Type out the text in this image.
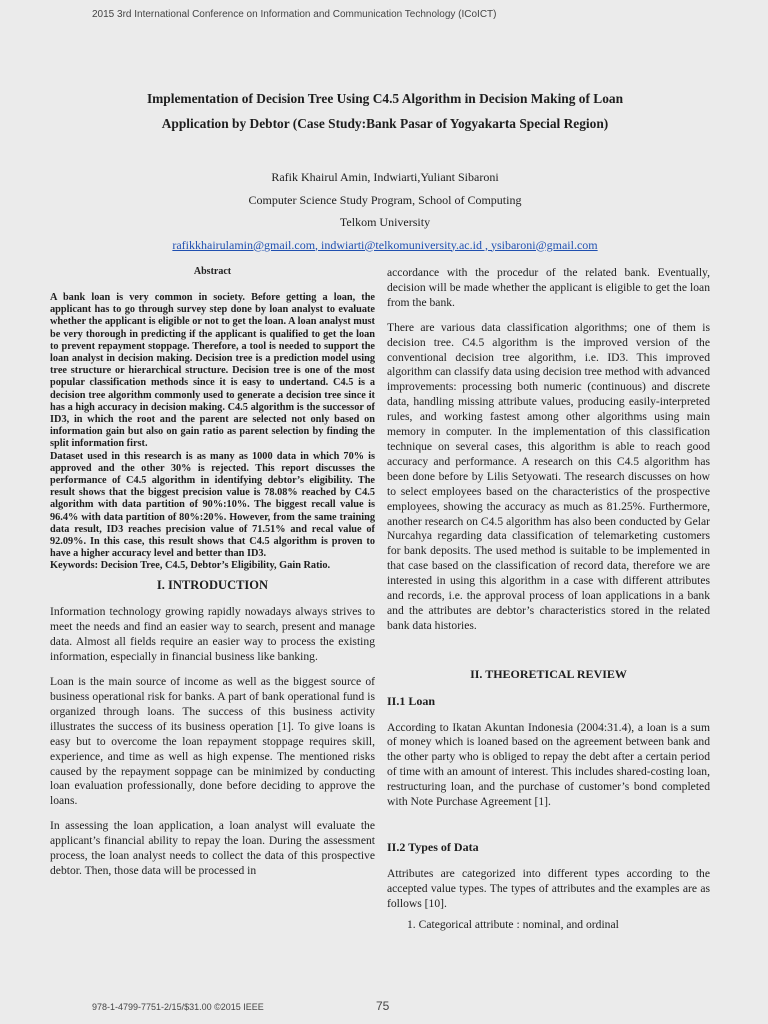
2015 3rd International Conference on Information and Communication Technology (ICoICT)
Implementation of Decision Tree Using C4.5 Algorithm in Decision Making of Loan
Application by Debtor (Case Study:Bank Pasar of Yogyakarta Special Region)
Rafik Khairul Amin, Indwiarti,Yuliant Sibaroni
Computer Science Study Program, School of Computing
Telkom University
rafikkhairulamin@gmail.com, indwiarti@telkomuniversity.ac.id , ysibaroni@gmail.com
Abstract

A bank loan is very common in society. Before getting a loan, the applicant has to go through survey step done by loan analyst to evaluate whether the applicant is eligible or not to get the loan. A loan analyst must be very thorough in predicting if the applicant is qualified to get the loan to prevent repayment stoppage. Therefore, a tool is needed to support the loan analyst in decision making. Decision tree is a prediction model using tree structure or hierarchical structure. Decision tree is one of the most popular classification methods since it is easy to undertand. C4.5 is a decision tree algorithm commonly used to generate a decision tree since it has a high accuracy in decision making. C4.5 algorithm is the successor of ID3, in which the root and the parent are selected not only based on information gain but also on gain ratio as parent selection by finding the split information first.

Dataset used in this research is as many as 1000 data in which 70% is approved and the other 30% is rejected. This report discusses the performance of C4.5 algorithm in identifying debtor’s eligibility. The result shows that the biggest precision value is 78.08% reached by C4.5 algorithm with data partition of 90%:10%. The biggest recall value is 96.4% with data partition of 80%:20%. However, from the same training data result, ID3 reaches precision value of 71.51% and recal value of 92.09%. In this case, this result shows that C4.5 algorithm is proven to have a higher accuracy level and better than ID3.

Keywords: Decision Tree, C4.5, Debtor’s Eligibility, Gain Ratio.

I. INTRODUCTION

Information technology growing rapidly nowadays always strives to meet the needs and find an easier way to search, present and manage data. Almost all fields require an easier way to process the existing information, especially in financial business like banking.

Loan is the main source of income as well as the biggest source of business operational risk for banks. A part of bank operational fund is organized through loans. The success of this business activity illustrates the success of its business operation [1]. To give loans is easy but to overcome the loan repayment stoppage requires skill, experience, and time as well as high expense. The mentioned risks caused by the repayment soppage can be minimized by conducting loan evaluation professionally, done before deciding to approve the loans.

In assessing the loan application, a loan analyst will evaluate the applicant’s financial ability to repay the loan. During the assessment process, the loan analyst needs to collect the data of this prospective debtor. Then, those data will be processed in

accordance with the procedur of the related bank. Eventually, decision will be made whether the applicant is eligible to get the loan from the bank.

There are various data classification algorithms; one of them is decision tree. C4.5 algorithm is the improved version of the conventional decision tree algorithm, i.e. ID3. This improved algorithm can classify data using decision tree method with advanced improvements: processing both numeric (continuous) and discrete data, handling missing attribute values, producing easily-interpreted rules, and working fastest among other algorithms using main memory in computer. In the implementation of this classification technique on several cases, this algorithm is able to reach good accuracy and performance. A research on this C4.5 algorithm has been done before by Lilis Setyowati. The research discusses on how to select employees based on the characteristics of the prospective employees, showing the accuracy as much as 81.25%. Furthermore, another research on C4.5 algorithm has also been conducted by Gelar Nurcahya regarding data classification of telemarketing customers for bank deposits. The used method is suitable to be implemented in that case based on the classification of record data, therefore we are interested in using this algorithm in a case with different attributes and records, i.e. the approval process of loan applications in a bank and the attributes are debtor’s characteristics stored in the related bank data histories.

II. THEORETICAL REVIEW
II.1 Loan

According to Ikatan Akuntan Indonesia (2004:31.4), a loan is a sum of money which is loaned based on the agreement between bank and the other party who is obliged to repay the debt after a certain period of time with an amount of interest. This includes shared-costing loan, restructuring loan, and the purchase of customer’s bond completed with Note Purchase Agreement [1].

II.2 Types of Data

Attributes are categorized into different types according to the accepted value types. The types of attributes and the examples are as follows [10].

1. Categorical attribute : nominal, and ordinal

978-1-4799-7751-2/15/$31.00 ©2015 IEEE	75
